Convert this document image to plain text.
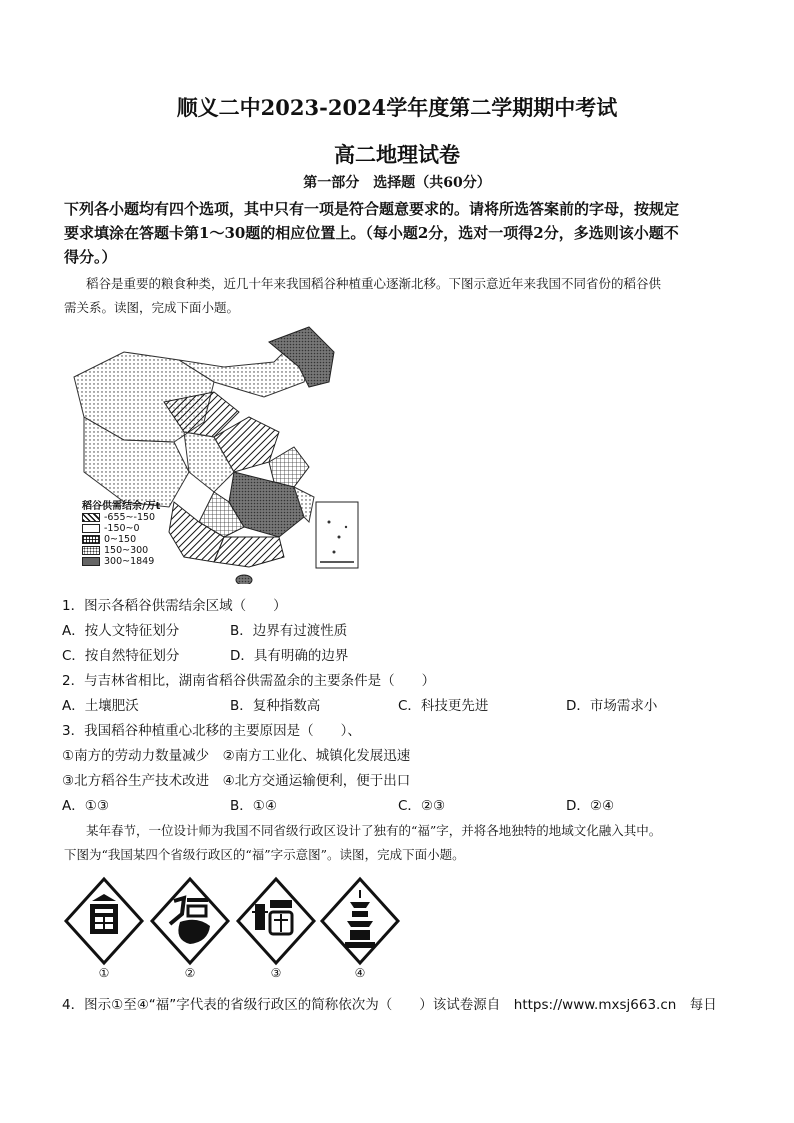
顺义二中2023-2024学年度第二学期期中考试
高二地理试卷
第一部分　选择题（共60分）
下列各小题均有四个选项，其中只有一项是符合题意要求的。请将所选答案前的字母，按规定
要求填涂在答题卡第1～30题的相应位置上。（每小题2分，选对一项得2分，多选则该小题不
得分。）
稻谷是重要的粮食种类，近几十年来我国稻谷种植重心逐渐北移。下图示意近年来我国不同省份的稻谷供
需关系。读图，完成下面小题。
稻谷供需结余/万t
-655~-150
-150~0
0~150
150~300
300~1849
1．图示各稻谷供需结余区域（　　）
A．按人文特征划分	B．边界有过渡性质
C．按自然特征划分	D．具有明确的边界
2．与吉林省相比，湖南省稻谷供需盈余的主要条件是（　　）
A．土壤肥沃	B．复种指数高	C．科技更先进	D．市场需求小
3．我国稻谷种植重心北移的主要原因是（　　）、
①南方的劳动力数量减少　②南方工业化、城镇化发展迅速
③北方稻谷生产技术改进　④北方交通运输便利，便于出口
A．①③	B．①④	C．②③	D．②④
某年春节，一位设计师为我国不同省级行政区设计了独有的“福”字，并将各地独特的地域文化融入其中。
下图为“我国某四个省级行政区的“福”字示意图”。读图，完成下面小题。
①	②	③	④
4．图示①至④“福”字代表的省级行政区的简称依次为（　　）该试卷源自　https://www.mxsj663.cn　每日
